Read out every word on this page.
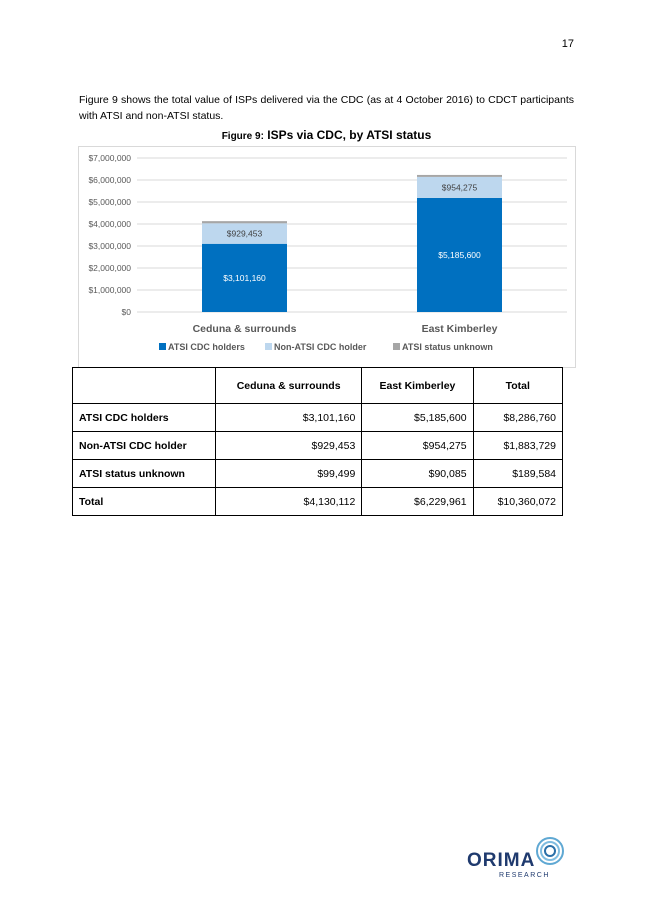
17

Figure 9 shows the total value of ISPs delivered via the CDC (as at 4 October 2016) to CDCT participants with ATSI and non-ATSI status.

Figure 9: ISPs via CDC, by ATSI status
$0
$1,000,000
$2,000,000
$3,000,000
$4,000,000
$5,000,000
$6,000,000
$7,000,000
$3,101,160
$929,453
Ceduna & surrounds
$5,185,600
$954,275
East Kimberley
ATSI CDC holders	Non-ATSI CDC holder	ATSI status unknown
	Ceduna & surrounds	East Kimberley	Total
ATSI CDC holders	$3,101,160	$5,185,600	$8,286,760
Non-ATSI CDC holder	$929,453	$954,275	$1,883,729
ATSI status unknown	$99,499	$90,085	$189,584
Total	$4,130,112	$6,229,961	$10,360,072
ORIMA
RESEARCH
